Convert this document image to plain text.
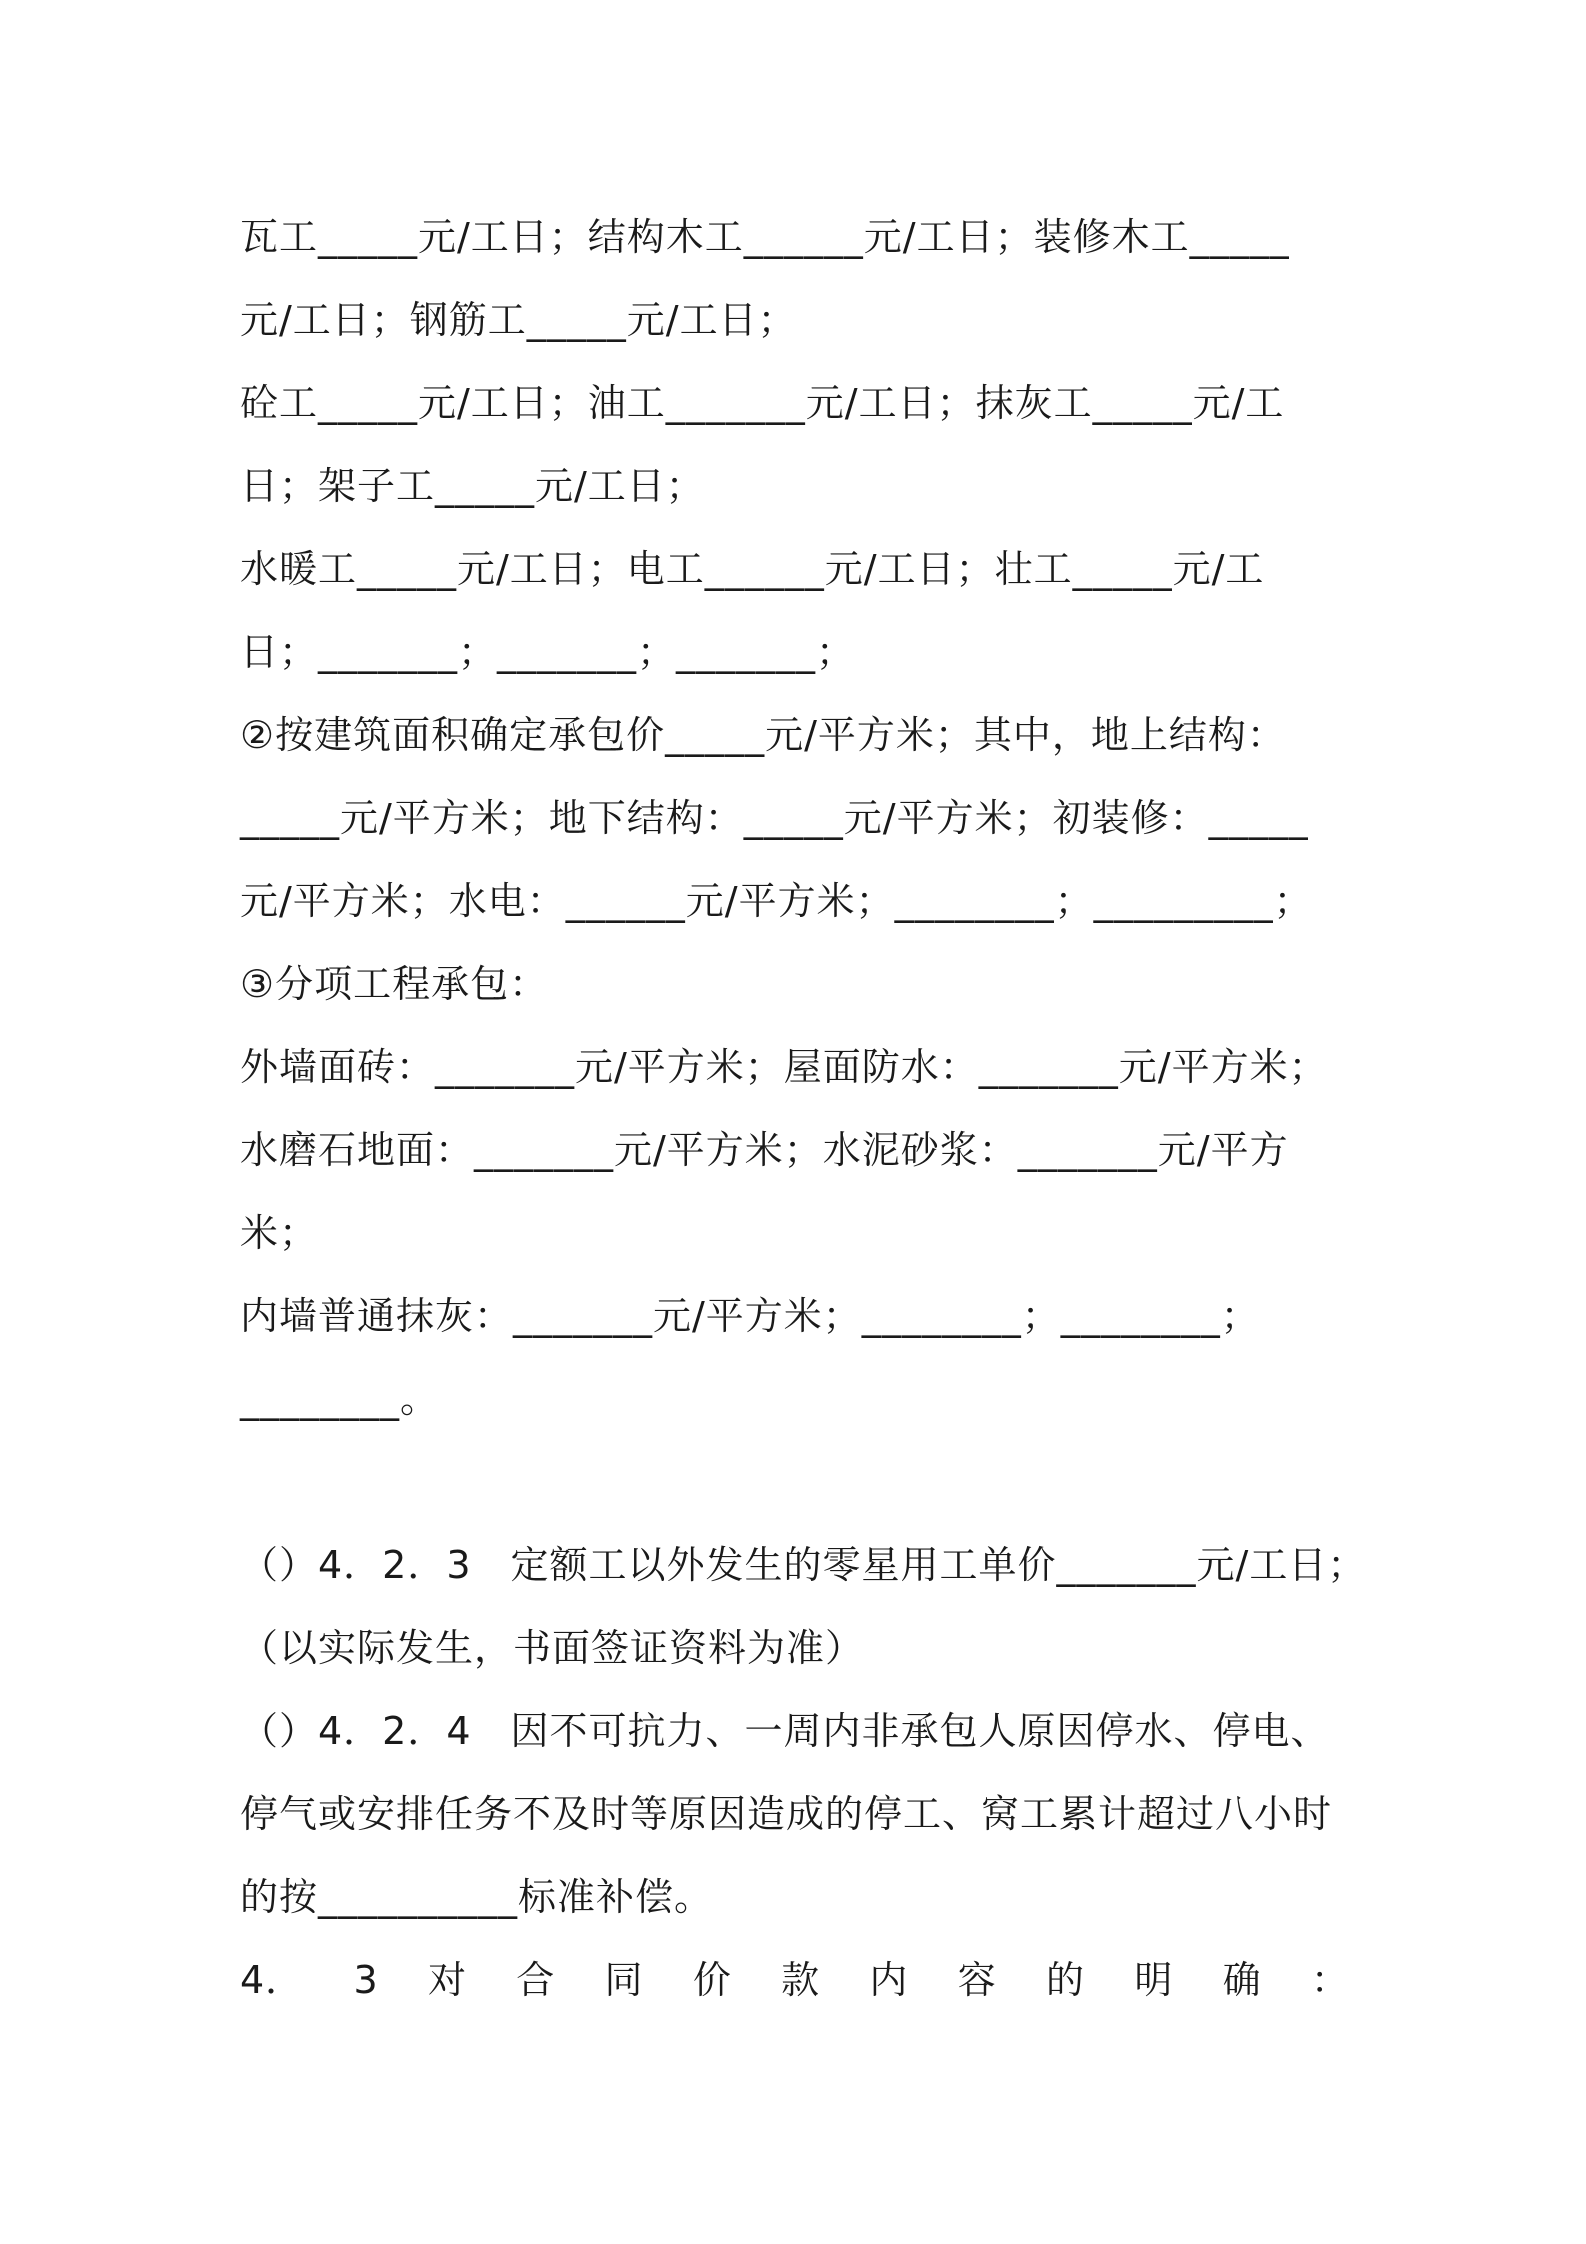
瓦工_____元/工日；结构木工______元/工日；装修木工_____
元/工日；钢筋工_____元/工日；
砼工_____元/工日；油工_______元/工日；抹灰工_____元/工
日；架子工_____元/工日；
水暖工_____元/工日；电工______元/工日；壮工_____元/工
日；_______；_______；_______；
②按建筑面积确定承包价_____元/平方米；其中，地上结构：
_____元/平方米；地下结构：_____元/平方米；初装修：_____
元/平方米；水电：______元/平方米；________；_________；
③分项工程承包：
外墙面砖：_______元/平方米；屋面防水：_______元/平方米；
水磨石地面：_______元/平方米；水泥砂浆：_______元/平方
米；
内墙普通抹灰：_______元/平方米；________；________；
________。
（）4．2．3　定额工以外发生的零星用工单价_______元/工日；
（以实际发生，书面签证资料为准）
（）4．2．4　因不可抗力、一周内非承包人原因停水、停电、
停气或安排任务不及时等原因造成的停工、窝工累计超过八小时
的按__________标准补偿。
4． 3 对 合 同 价 款 内 容 的 明 确 ：
